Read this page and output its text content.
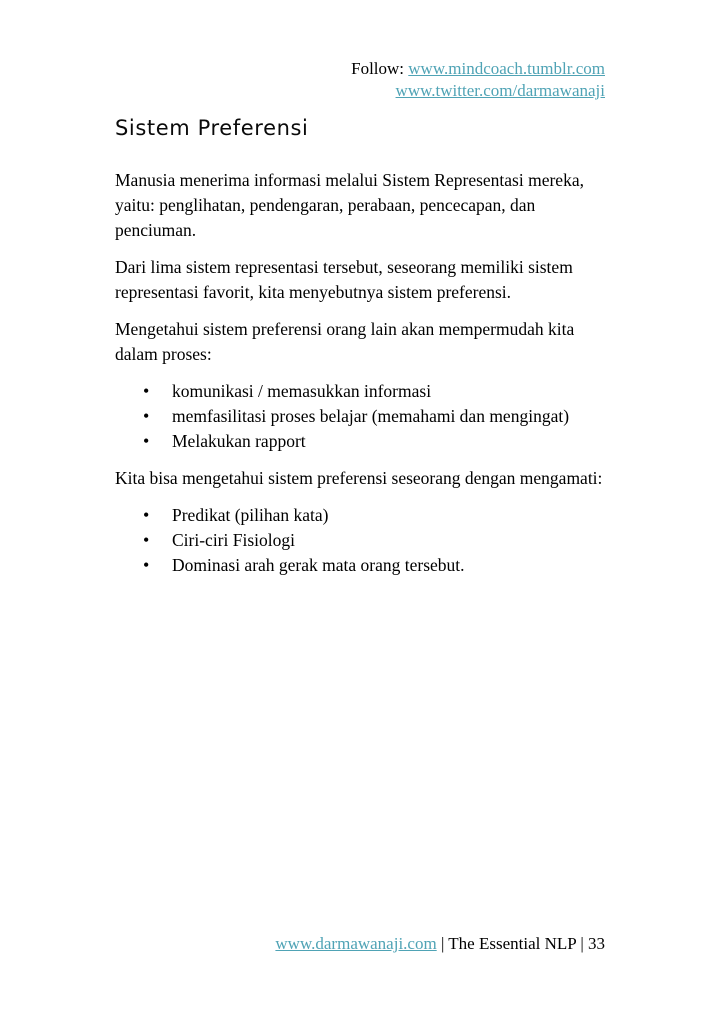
Follow: www.mindcoach.tumblr.com
www.twitter.com/darmawanaji
Sistem Preferensi

Manusia menerima informasi melalui Sistem Representasi mereka, yaitu: penglihatan, pendengaran, perabaan, pencecapan, dan penciuman.

Dari lima sistem representasi tersebut, seseorang memiliki sistem representasi favorit, kita menyebutnya sistem preferensi.

Mengetahui sistem preferensi orang lain akan mempermudah kita dalam proses:

• komunikasi / memasukkan informasi
• memfasilitasi proses belajar (memahami dan mengingat)
• Melakukan rapport

Kita bisa mengetahui sistem preferensi seseorang dengan mengamati:

• Predikat (pilihan kata)
• Ciri-ciri Fisiologi
• Dominasi arah gerak mata orang tersebut.
www.darmawanaji.com | The Essential NLP | 33
